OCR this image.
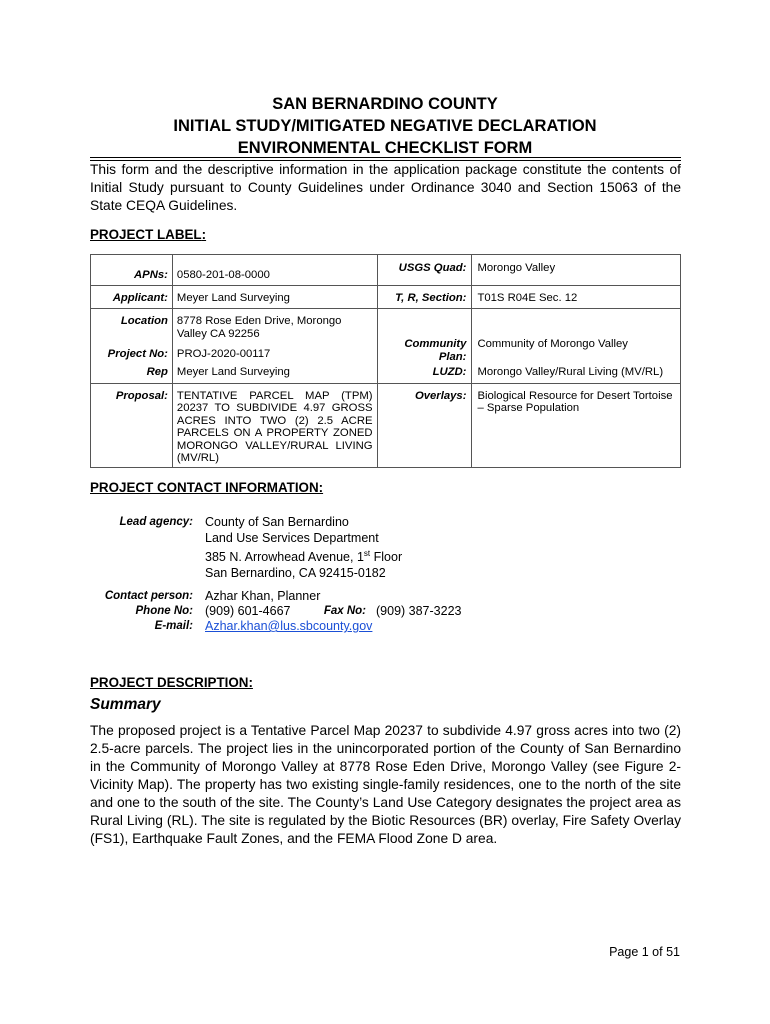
SAN BERNARDINO COUNTY
INITIAL STUDY/MITIGATED NEGATIVE DECLARATION
ENVIRONMENTAL CHECKLIST FORM
This form and the descriptive information in the application package constitute the contents of Initial Study pursuant to County Guidelines under Ordinance 3040 and Section 15063 of the State CEQA Guidelines.
PROJECT LABEL:
APNs:	0580-201-08-0000	USGS Quad:	Morongo Valley
Applicant:	Meyer Land Surveying	T, R, Section:	T01S R04E Sec. 12
Location	8778 Rose Eden Drive, Morongo Valley CA 92256	Community Plan:	Community of Morongo Valley
Project No:	PROJ-2020-00117		
Rep	Meyer Land Surveying	LUZD:	Morongo Valley/Rural Living (MV/RL)
Proposal:	TENTATIVE PARCEL MAP (TPM) 20237 TO SUBDIVIDE 4.97 GROSS ACRES INTO TWO (2) 2.5 ACRE PARCELS ON A PROPERTY ZONED MORONGO VALLEY/RURAL LIVING (MV/RL)	Overlays:	Biological Resource for Desert Tortoise – Sparse Population
PROJECT CONTACT INFORMATION:
Lead agency: County of San Bernardino
Land Use Services Department
385 N. Arrowhead Avenue, 1st Floor
San Bernardino, CA 92415-0182
Contact person: Azhar Khan, Planner
Phone No: (909) 601-4667	Fax No: (909) 387-3223
E-mail: Azhar.khan@lus.sbcounty.gov
PROJECT DESCRIPTION:
Summary
The proposed project is a Tentative Parcel Map 20237 to subdivide 4.97 gross acres into two (2) 2.5-acre parcels. The project lies in the unincorporated portion of the County of San Bernardino in the Community of Morongo Valley at 8778 Rose Eden Drive, Morongo Valley (see Figure 2-Vicinity Map). The property has two existing single-family residences, one to the north of the site and one to the south of the site. The County’s Land Use Category designates the project area as Rural Living (RL). The site is regulated by the Biotic Resources (BR) overlay, Fire Safety Overlay (FS1), Earthquake Fault Zones, and the FEMA Flood Zone D area.
Page 1 of 51
